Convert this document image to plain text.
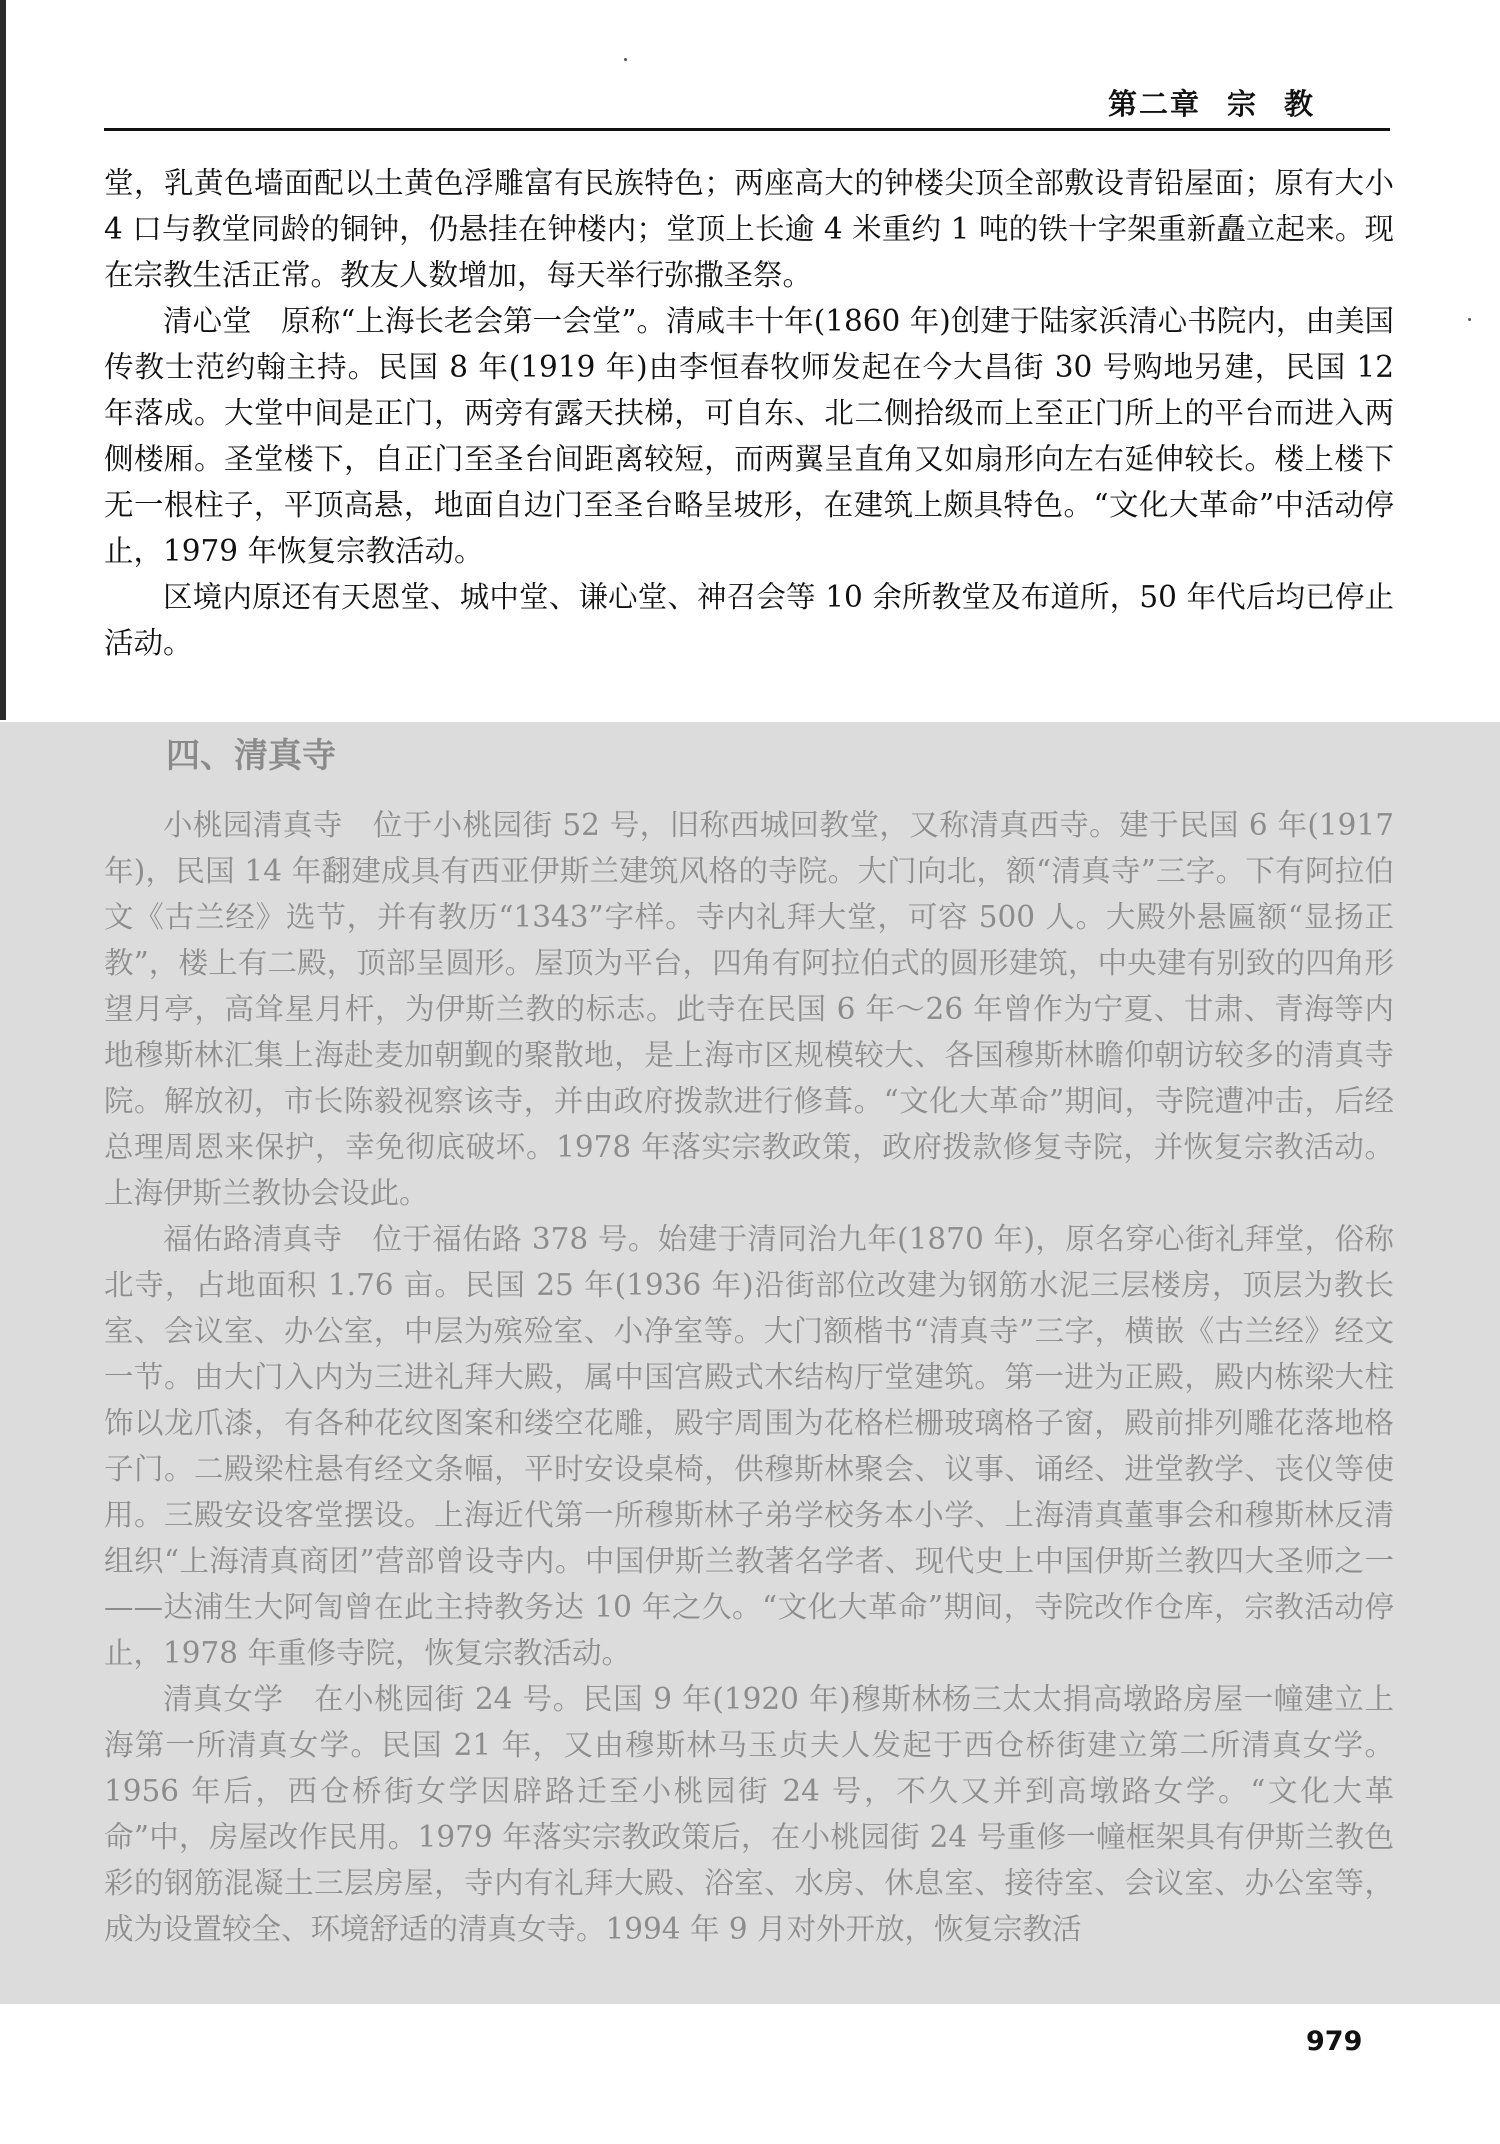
第二章 宗 教

堂，乳黄色墙面配以土黄色浮雕富有民族特色；两座高大的钟楼尖顶全部敷设青铅屋面；原有大小 4 口与教堂同龄的铜钟，仍悬挂在钟楼内；堂顶上长逾 4 米重约 1 吨的铁十字架重新矗立起来。现在宗教生活正常。教友人数增加，每天举行弥撒圣祭。

清心堂　原称“上海长老会第一会堂”。清咸丰十年(1860 年)创建于陆家浜清心书院内，由美国传教士范约翰主持。民国 8 年(1919 年)由李恒春牧师发起在今大昌街 30 号购地另建，民国 12 年落成。大堂中间是正门，两旁有露天扶梯，可自东、北二侧拾级而上至正门所上的平台而进入两侧楼厢。圣堂楼下，自正门至圣台间距离较短，而两翼呈直角又如扇形向左右延伸较长。楼上楼下无一根柱子，平顶高悬，地面自边门至圣台略呈坡形，在建筑上颇具特色。“文化大革命”中活动停止，1979 年恢复宗教活动。

区境内原还有天恩堂、城中堂、谦心堂、神召会等 10 余所教堂及布道所，50 年代后均已停止活动。

四、清真寺

小桃园清真寺　位于小桃园街 52 号，旧称西城回教堂，又称清真西寺。建于民国 6 年(1917 年)，民国 14 年翻建成具有西亚伊斯兰建筑风格的寺院。大门向北，额“清真寺”三字。下有阿拉伯文《古兰经》选节，并有教历“1343”字样。寺内礼拜大堂，可容 500 人。大殿外悬匾额“显扬正教”，楼上有二殿，顶部呈圆形。屋顶为平台，四角有阿拉伯式的圆形建筑，中央建有别致的四角形望月亭，高耸星月杆，为伊斯兰教的标志。此寺在民国 6 年～26 年曾作为宁夏、甘肃、青海等内地穆斯林汇集上海赴麦加朝觐的聚散地，是上海市区规模较大、各国穆斯林瞻仰朝访较多的清真寺院。解放初，市长陈毅视察该寺，并由政府拨款进行修葺。“文化大革命”期间，寺院遭冲击，后经总理周恩来保护，幸免彻底破坏。1978 年落实宗教政策，政府拨款修复寺院，并恢复宗教活动。上海伊斯兰教协会设此。

福佑路清真寺　位于福佑路 378 号。始建于清同治九年(1870 年)，原名穿心街礼拜堂，俗称北寺，占地面积 1.76 亩。民国 25 年(1936 年)沿街部位改建为钢筋水泥三层楼房，顶层为教长室、会议室、办公室，中层为殡殓室、小净室等。大门额楷书“清真寺”三字，横嵌《古兰经》经文一节。由大门入内为三进礼拜大殿，属中国宫殿式木结构厅堂建筑。第一进为正殿，殿内栋梁大柱饰以龙爪漆，有各种花纹图案和缕空花雕，殿宇周围为花格栏栅玻璃格子窗，殿前排列雕花落地格子门。二殿梁柱悬有经文条幅，平时安设桌椅，供穆斯林聚会、议事、诵经、进堂教学、丧仪等使用。三殿安设客堂摆设。上海近代第一所穆斯林子弟学校务本小学、上海清真董事会和穆斯林反清组织“上海清真商团”营部曾设寺内。中国伊斯兰教著名学者、现代史上中国伊斯兰教四大圣师之一——达浦生大阿訇曾在此主持教务达 10 年之久。“文化大革命”期间，寺院改作仓库，宗教活动停止，1978 年重修寺院，恢复宗教活动。

清真女学　在小桃园街 24 号。民国 9 年(1920 年)穆斯林杨三太太捐高墩路房屋一幢建立上海第一所清真女学。民国 21 年，又由穆斯林马玉贞夫人发起于西仓桥街建立第二所清真女学。1956 年后，西仓桥街女学因辟路迁至小桃园街 24 号，不久又并到高墩路女学。“文化大革命”中，房屋改作民用。1979 年落实宗教政策后，在小桃园街 24 号重修一幢框架具有伊斯兰教色彩的钢筋混凝土三层房屋，寺内有礼拜大殿、浴室、水房、休息室、接待室、会议室、办公室等，成为设置较全、环境舒适的清真女寺。1994 年 9 月对外开放，恢复宗教活

979
